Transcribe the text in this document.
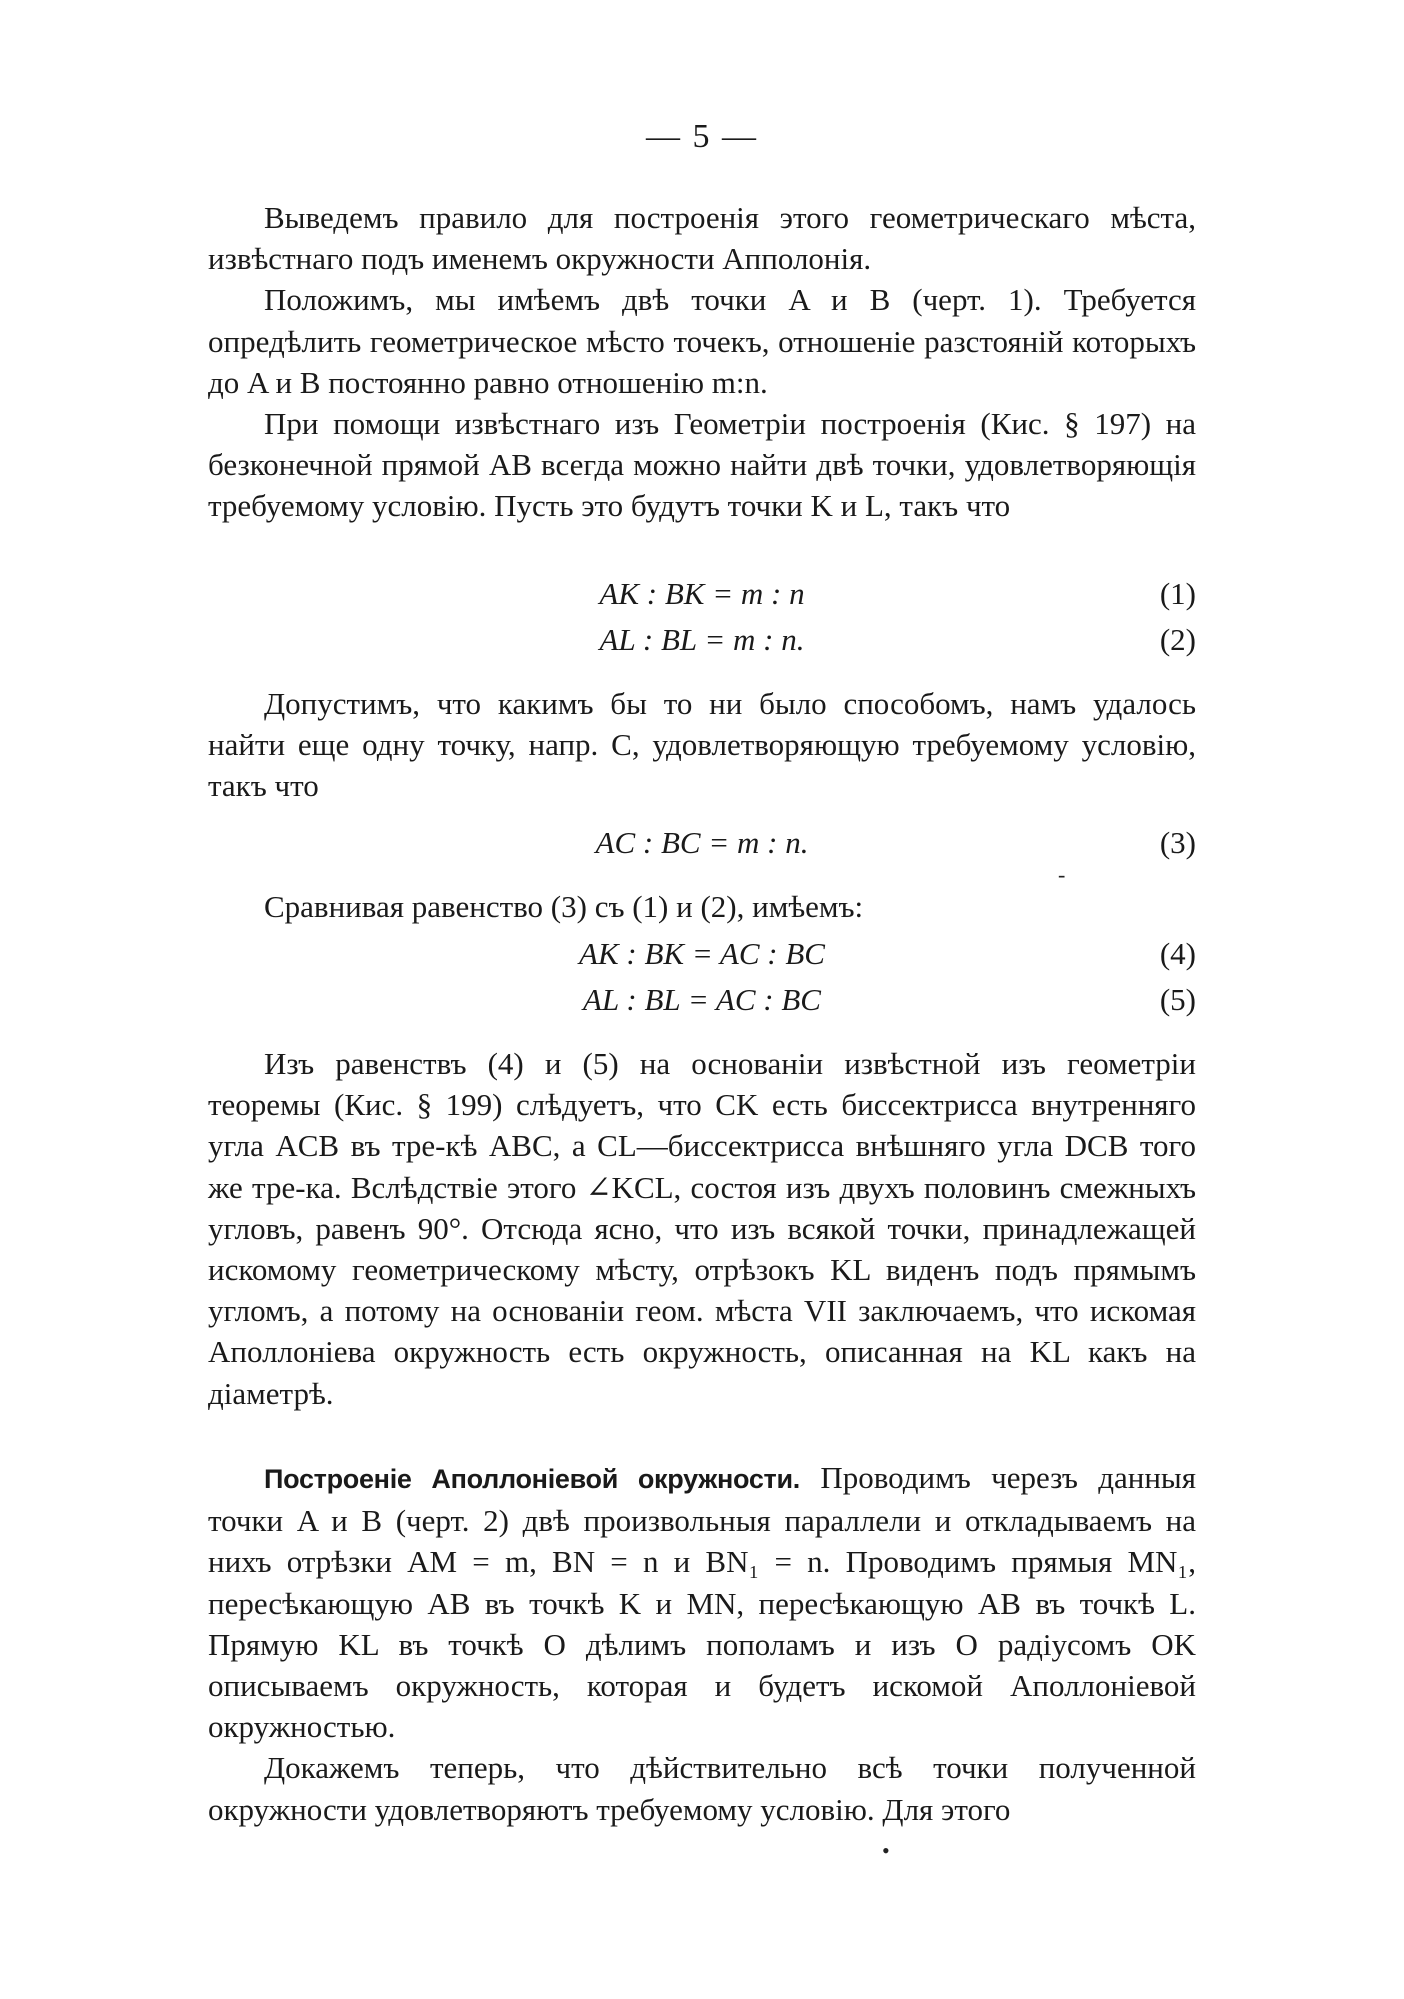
— 5 —

Выведемъ правило для построенія этого геометрическаго мѣста, извѣстнаго подъ именемъ окружности Апполонія.

Положимъ, мы имѣемъ двѣ точки A и B (черт. 1). Требуется опредѣлить геометрическое мѣсто точекъ, отношеніе разстояній которыхъ до A и B постоянно равно отношенію m:n.

При помощи извѣстнаго изъ Геометріи построенія (Кис. § 197) на безконечной прямой AB всегда можно найти двѣ точки, удовлетворяющія требуемому условію. Пусть это будутъ точки K и L, такъ что

AK : BK = m : n	(1)
AL : BL = m : n.	(2)

Допустимъ, что какимъ бы то ни было способомъ, намъ удалось найти еще одну точку, напр. C, удовлетворяющую требуемому условію, такъ что

AC : BC = m : n.	(3)
-

Сравнивая равенство (3) съ (1) и (2), имѣемъ:

AK : BK = AC : BC	(4)
AL : BL = AC : BC	(5)

Изъ равенствъ (4) и (5) на основаніи извѣстной изъ геометріи теоремы (Кис. § 199) слѣдуетъ, что CK есть биссектрисса внутренняго угла ACB въ тре-кѣ ABC, а CL—биссектрисса внѣшняго угла DCB того же тре-ка. Вслѣдствіе этого ∠KCL, состоя изъ двухъ половинъ смежныхъ угловъ, равенъ 90°. Отсюда ясно, что изъ всякой точки, принадлежащей искомому геометрическому мѣсту, отрѣзокъ KL виденъ подъ прямымъ угломъ, а потому на основаніи геом. мѣста VII заключаемъ, что искомая Аполлоніева окружность есть окружность, описанная на KL какъ на діаметрѣ.

Построеніе Аполлоніевой окружности. Проводимъ черезъ данныя точки A и B (черт. 2) двѣ произвольныя параллели и откладываемъ на нихъ отрѣзки AM = m, BN = n и BN₁ = n. Проводимъ прямыя MN₁, пересѣкающую AB въ точкѣ K и MN, пересѣкающую AB въ точкѣ L. Прямую KL въ точкѣ O дѣлимъ пополамъ и изъ O радіусомъ OK описываемъ окружность, которая и будетъ искомой Аполлоніевой окружностью.

Докажемъ теперь, что дѣйствительно всѣ точки полученной окружности удовлетворяютъ требуемому условію. Для этого

•
